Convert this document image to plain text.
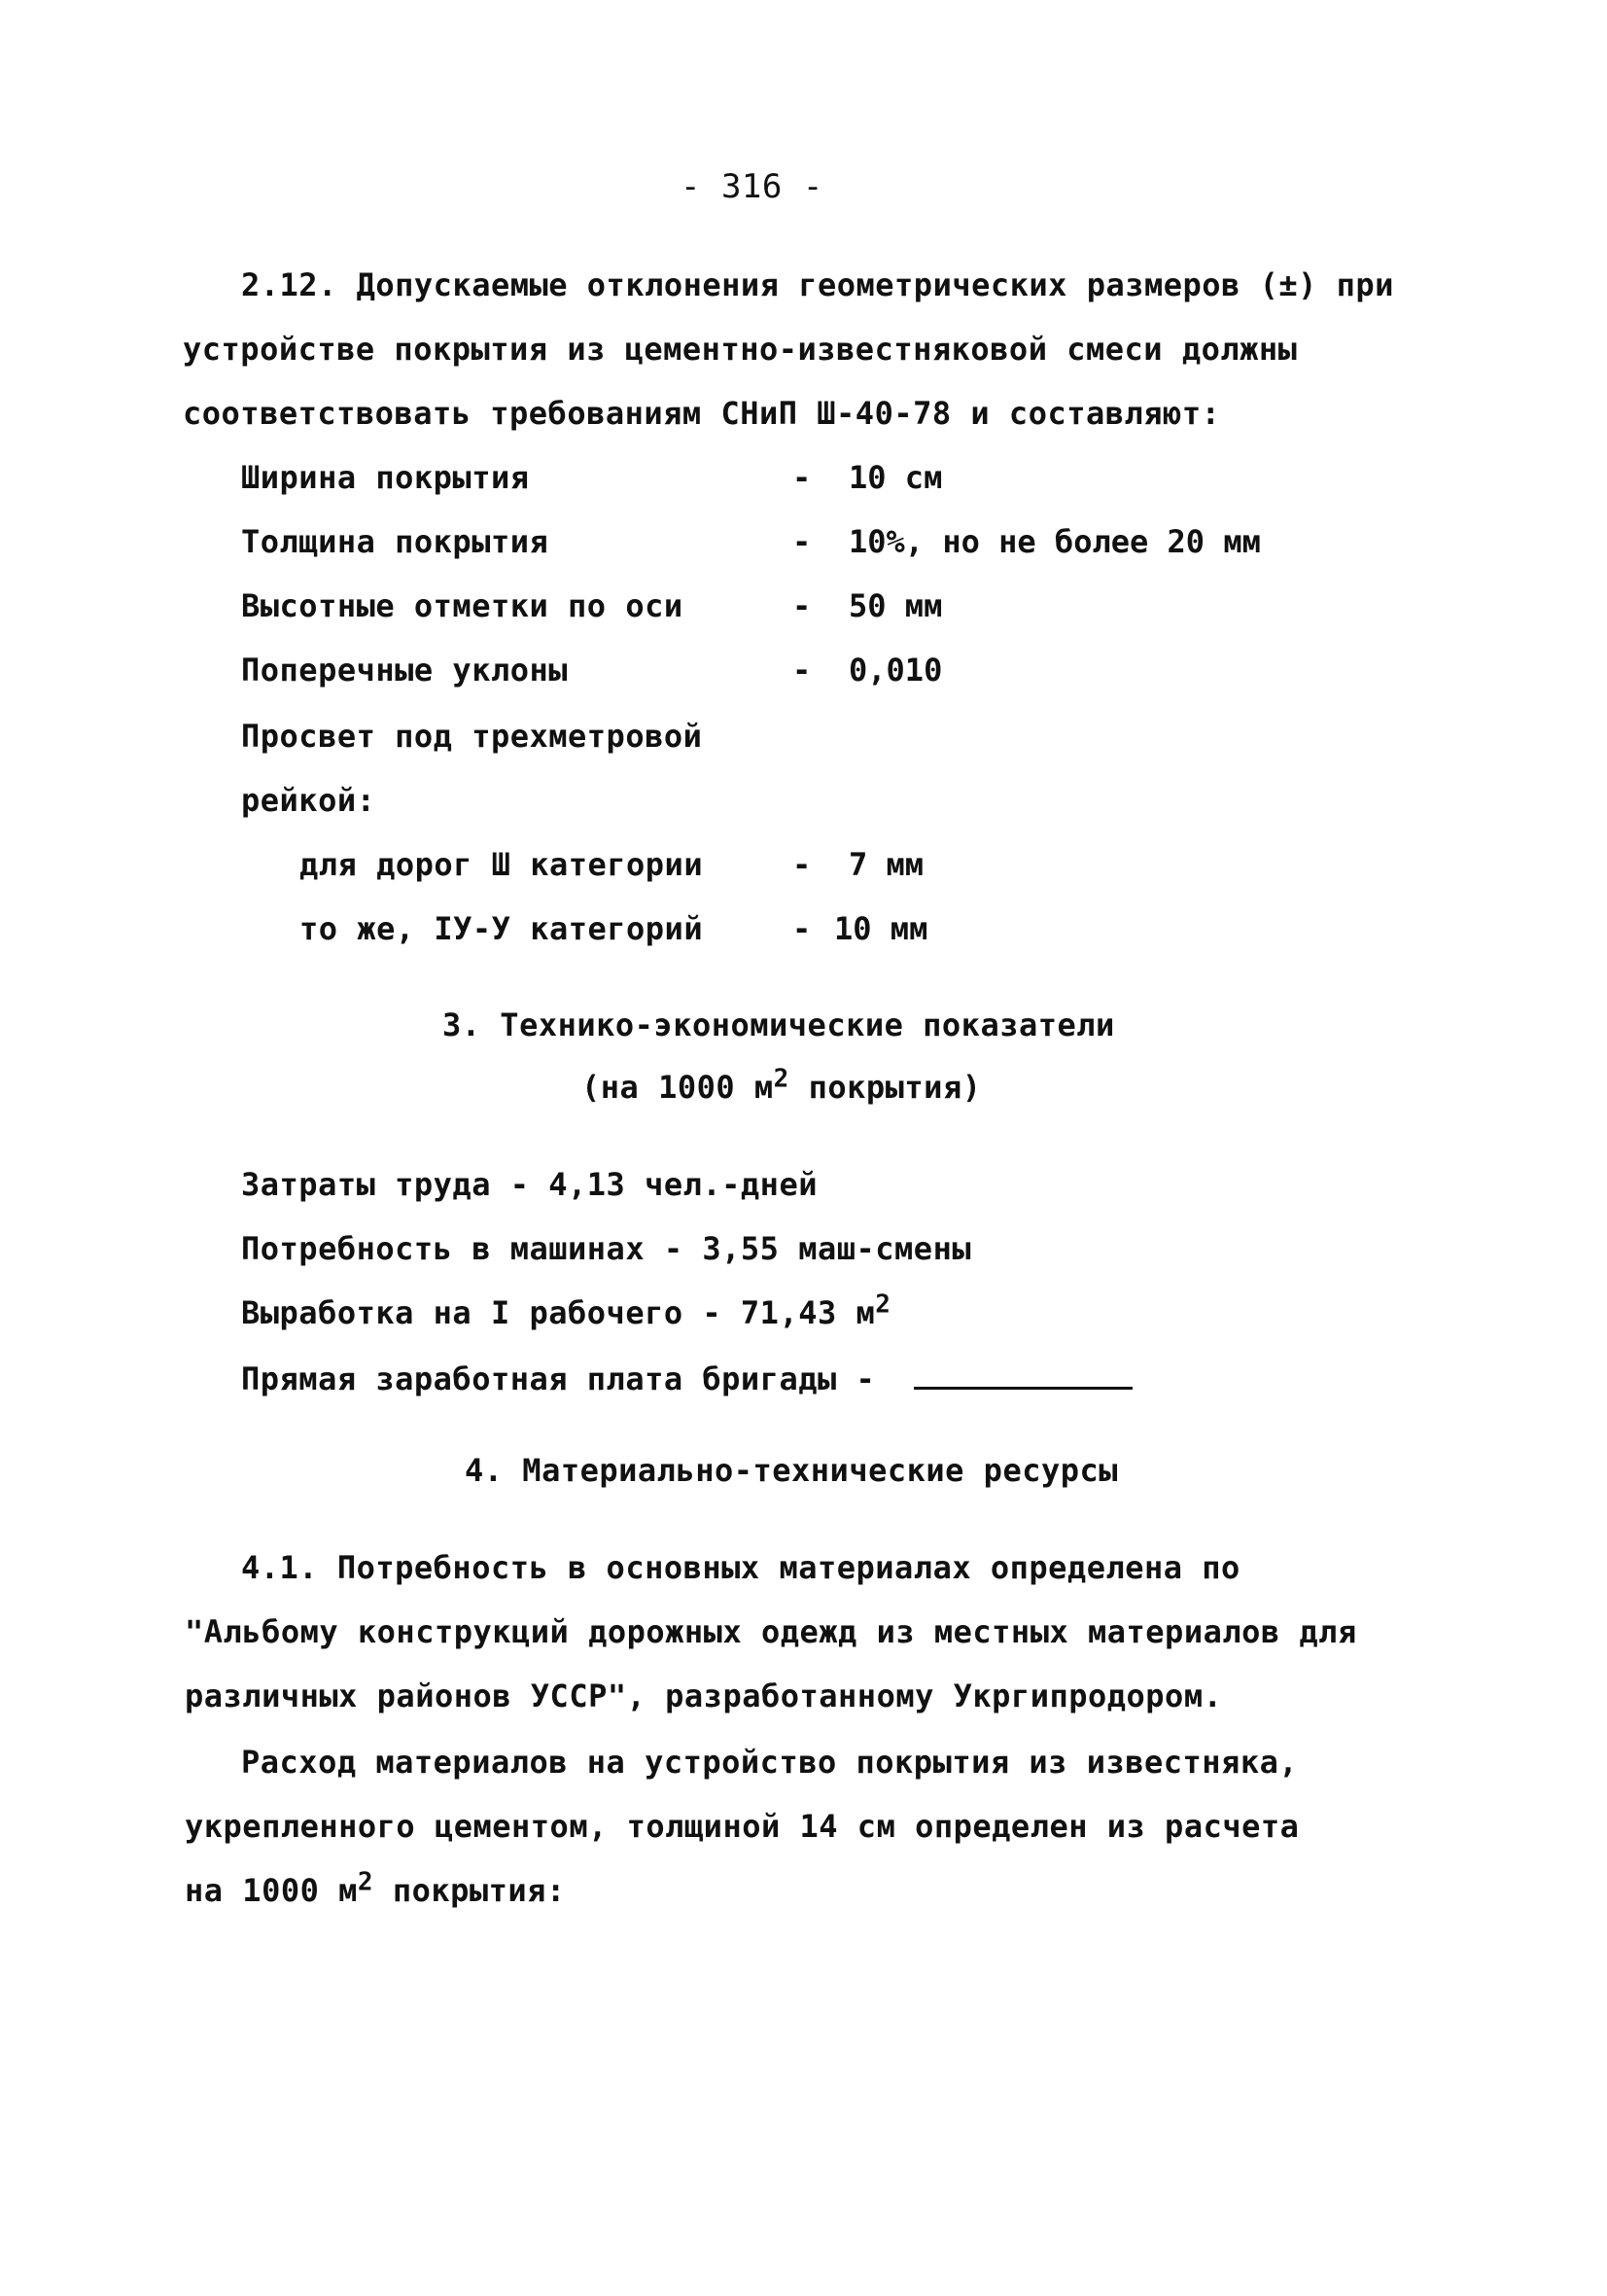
- 316 -
2.12. Допускаемые отклонения геометрических размеров (±) при
устройстве покрытия из цементно-известняковой смеси должны
соответствовать требованиям СНиП Ш-40-78 и составляют:
Ширина покрытия	- 10 см
Толщина покрытия	- 10%, но не более 20 мм
Высотные отметки по оси	- 50 мм
Поперечные уклоны	- 0,010
Просвет под трехметровой
рейкой:
для дорог Ш категории	- 7 мм
то же, IУ-У категорий	- 10 мм
3. Технико-экономические показатели
(на 1000 $м^2$ покрытия)
Затраты труда - 4,13 чел.-дней
Потребность в машинах - 3,55 маш-смены
Выработка на I рабочего - 71,43 $м^2$
Прямая заработная плата бригады -
4. Материально-технические ресурсы
4.1. Потребность в основных материалах определена по
"Альбому конструкций дорожных одежд из местных материалов для
различных районов УССР", разработанному Укргипродором.
Расход материалов на устройство покрытия из известняка,
укрепленного цементом, толщиной 14 см определен из расчета
на 1000 $м^2$ покрытия:
